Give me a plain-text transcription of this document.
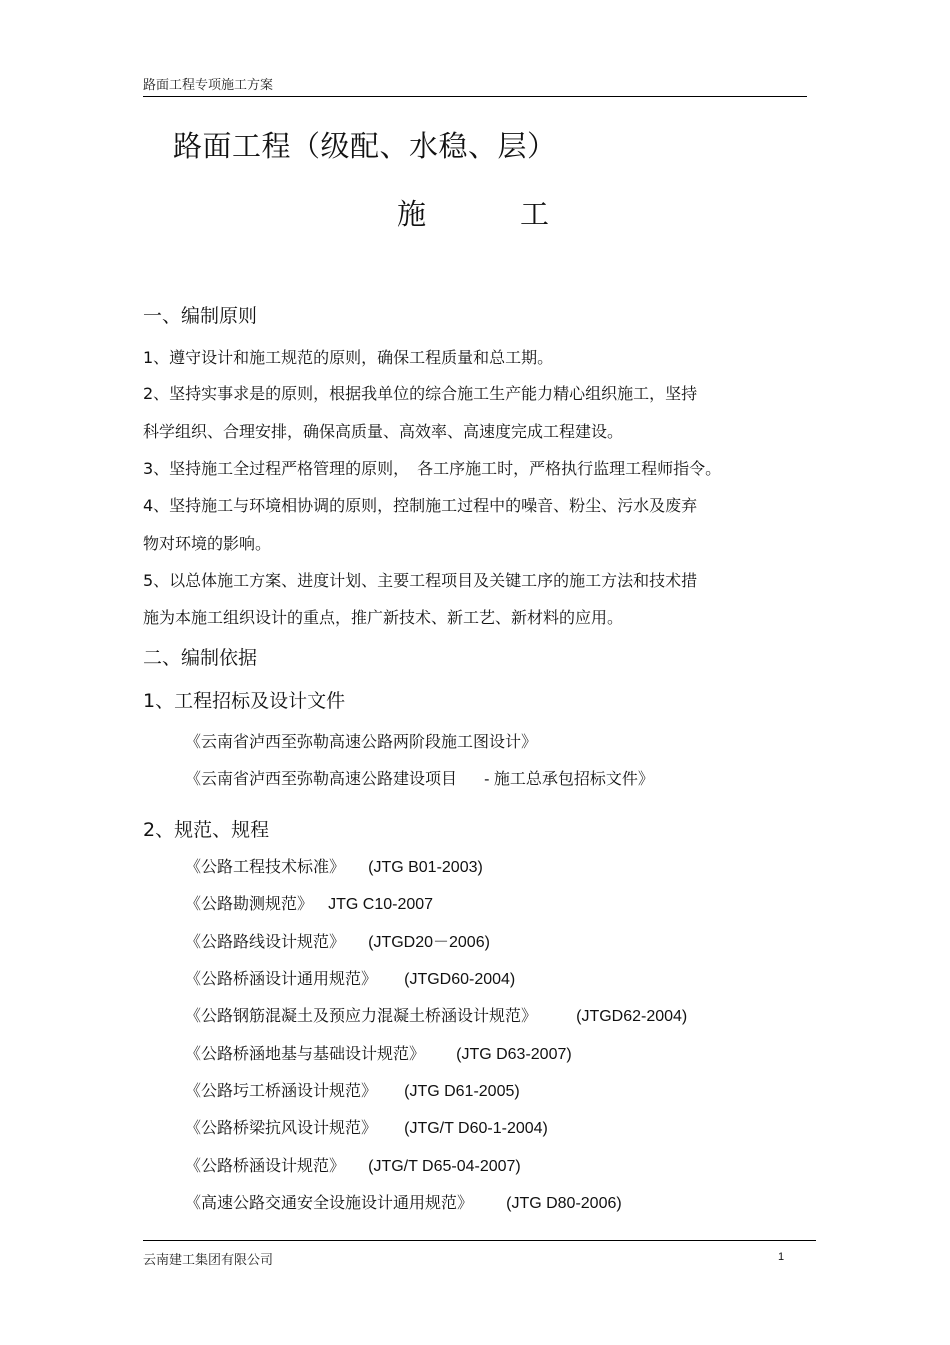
路面工程专项施工方案
路面工程（级配、水稳、层）
施	工
一、编制原则
1、遵守设计和施工规范的原则，确保工程质量和总工期。
2、坚持实事求是的原则，根据我单位的综合施工生产能力精心组织施工，坚持
科学组织、合理安排，确保高质量、高效率、高速度完成工程建设。
3、坚持施工全过程严格管理的原则，　各工序施工时，严格执行监理工程师指令。
4、坚持施工与环境相协调的原则，控制施工过程中的噪音、粉尘、污水及废弃
物对环境的影响。
5、以总体施工方案、进度计划、主要工程项目及关键工序的施工方法和技术措
施为本施工组织设计的重点，推广新技术、新工艺、新材料的应用。
二、编制依据
1、工程招标及设计文件
《云南省泸西至弥勒高速公路两阶段施工图设计》
《云南省泸西至弥勒高速公路建设项目 - 施工总承包招标文件》
2、规范、规程
《公路工程技术标准》 (JTG B01-2003)
《公路勘测规范》 JTG C10-2007
《公路路线设计规范》 (JTGD20－2006)
《公路桥涵设计通用规范》 (JTGD60-2004)
《公路钢筋混凝土及预应力混凝土桥涵设计规范》 (JTGD62-2004)
《公路桥涵地基与基础设计规范》 (JTG D63-2007)
《公路圬工桥涵设计规范》 (JTG D61-2005)
《公路桥梁抗风设计规范》 (JTG/T D60-1-2004)
《公路桥涵设计规范》 (JTG/T D65-04-2007)
《高速公路交通安全设施设计通用规范》 (JTG D80-2006)
云南建工集团有限公司	1
